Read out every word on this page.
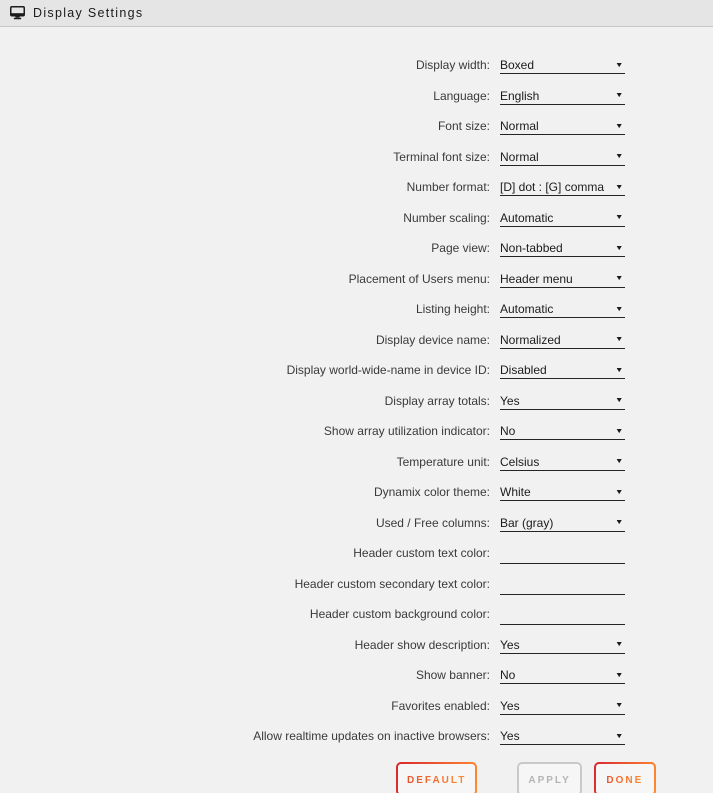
Display Settings
Display width: Boxed	▼
Language: English	▼
Font size: Normal	▼
Terminal font size: Normal	▼
Number format: [D] dot : [G] comma ▼
Number scaling: Automatic	▼
Page view: Non-tabbed	▼
Placement of Users menu: Header menu	▼
Listing height: Automatic	▼
Display device name: Normalized	▼
Display world-wide-name in device ID: Disabled	▼
Display array totals: Yes	▼
Show array utilization indicator: No	▼
Temperature unit: Celsius	▼
Dynamix color theme: White	▼
Used / Free columns: Bar (gray)	▼
Header custom text color:
Header custom secondary text color:
Header custom background color:
Header show description: Yes	▼
Show banner: No	▼
Favorites enabled: Yes	▼
Allow realtime updates on inactive browsers: Yes	▼
DEFAULT	APPLY	DONE
